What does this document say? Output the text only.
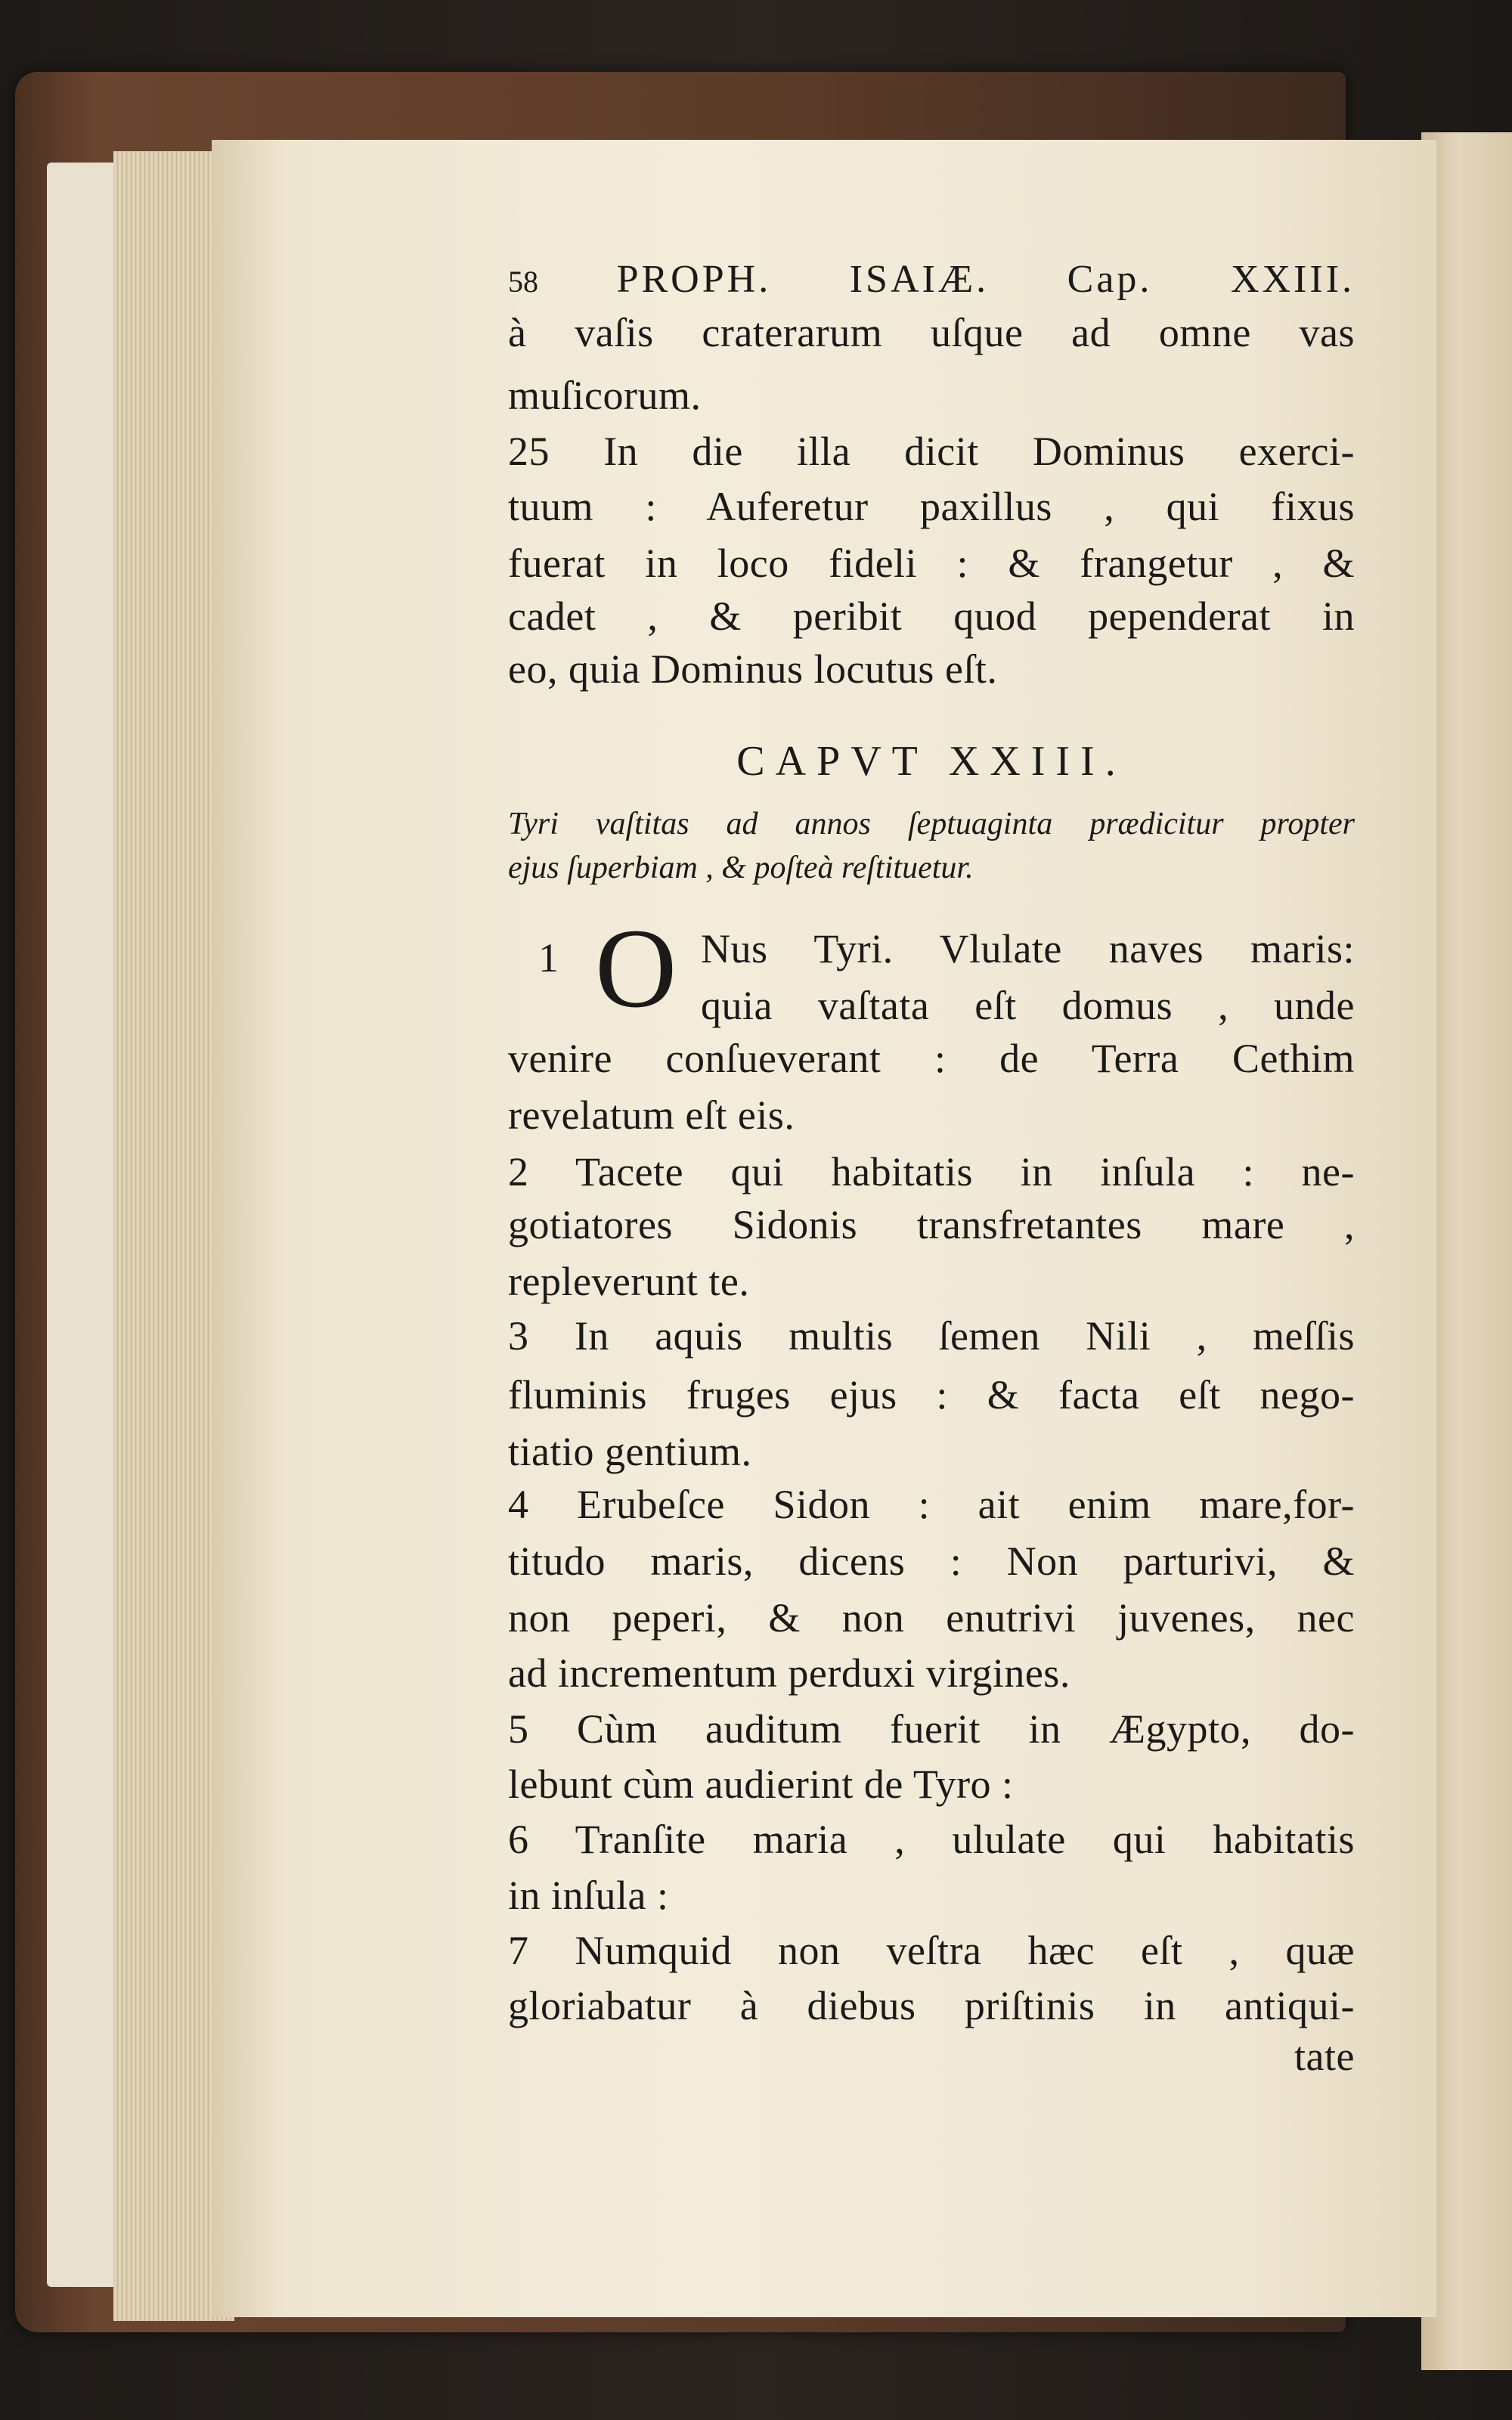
58 PROPH. ISAIÆ. Cap. XXIII.
à vaſis craterarum uſque ad omne vas
muſicorum.
25 In die illa dicit Dominus exerci-
tuum : Auferetur paxillus , qui fixus
fuerat in loco fideli : & frangetur , &
cadet , & peribit quod pependerat in
eo, quia Dominus locutus eſt.
CAPVT XXIII.
Tyri vaſtitas ad annos ſeptuaginta prædicitur propter
ejus ſuperbiam , & poſteà reſtituetur.
1 O Nus Tyri. Vlulate naves maris:
quia vaſtata eſt domus , unde
venire conſueverant : de Terra Cethim
revelatum eſt eis.
2 Tacete qui habitatis in inſula : ne-
gotiatores Sidonis transfretantes mare ,
repleverunt te.
3 In aquis multis ſemen Nili , meſſis
fluminis fruges ejus : & facta eſt nego-
tiatio gentium.
4 Erubeſce Sidon : ait enim mare,for-
titudo maris, dicens : Non parturivi, &
non peperi, & non enutrivi juvenes, nec
ad incrementum perduxi virgines.
5 Cùm auditum fuerit in Ægypto, do-
lebunt cùm audierint de Tyro :
6 Tranſite maria , ululate qui habitatis
in inſula :
7 Numquid non veſtra hæc eſt , quæ
gloriabatur à diebus priſtinis in antiqui-
tate
